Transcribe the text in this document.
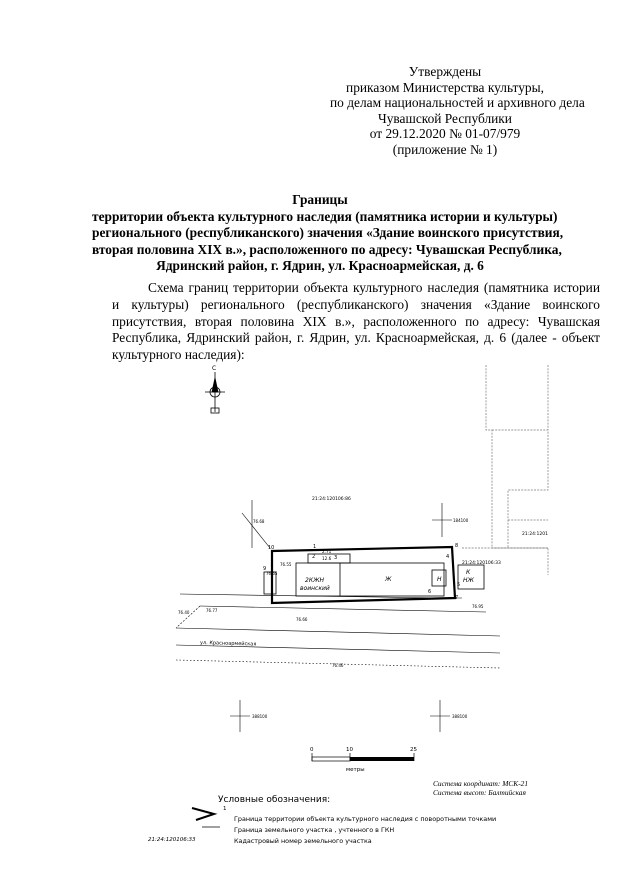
Утверждены
приказом Министерства культуры,
по делам национальностей и архивного дела
Чувашской Республики
от 29.12.2020 № 01-07/979
(приложение № 1)
Границы
территории объекта культурного наследия (памятника истории и культуры)
регионального (республиканского) значения «Здание воинского присутствия,
вторая половина XIX в.», расположенного по адресу: Чувашская Республика,
Ядринский район, г. Ядрин, ул. Красноармейская, д. 6
Схема границ территории объекта культурного наследия (памятника истории
и культуры) регионального (республиканского) значения «Здание воинского
присутствия, вторая половина XIX в.», расположенного по адресу: Чувашская
Республика, Ядринский район, г. Ядрин, ул. Красноармейская, д. 6 (далее - объект
культурного наследия):
С
184100
388100	388100
21:24:120106:86
21:24:120106:33
21:24:1201
2КЖН
воинский
Ж	Н
К
НЖ
12.6
2.71
1
2	3	4
5
6
7
8
9
10
76.68
76.55
76.65
76.77
76.40
76.66
76.95
76.46
ул. Красноармейская
0	10	25
метры
Система координат: МСК-21
Система высот: Балтийская
Условные обозначения:
1
Граница территории объекта культурного наследия с поворотными точками
Граница земельного участка , учтенного в ГКН
21:24:120106:33	Кадастровый номер земельного участка
